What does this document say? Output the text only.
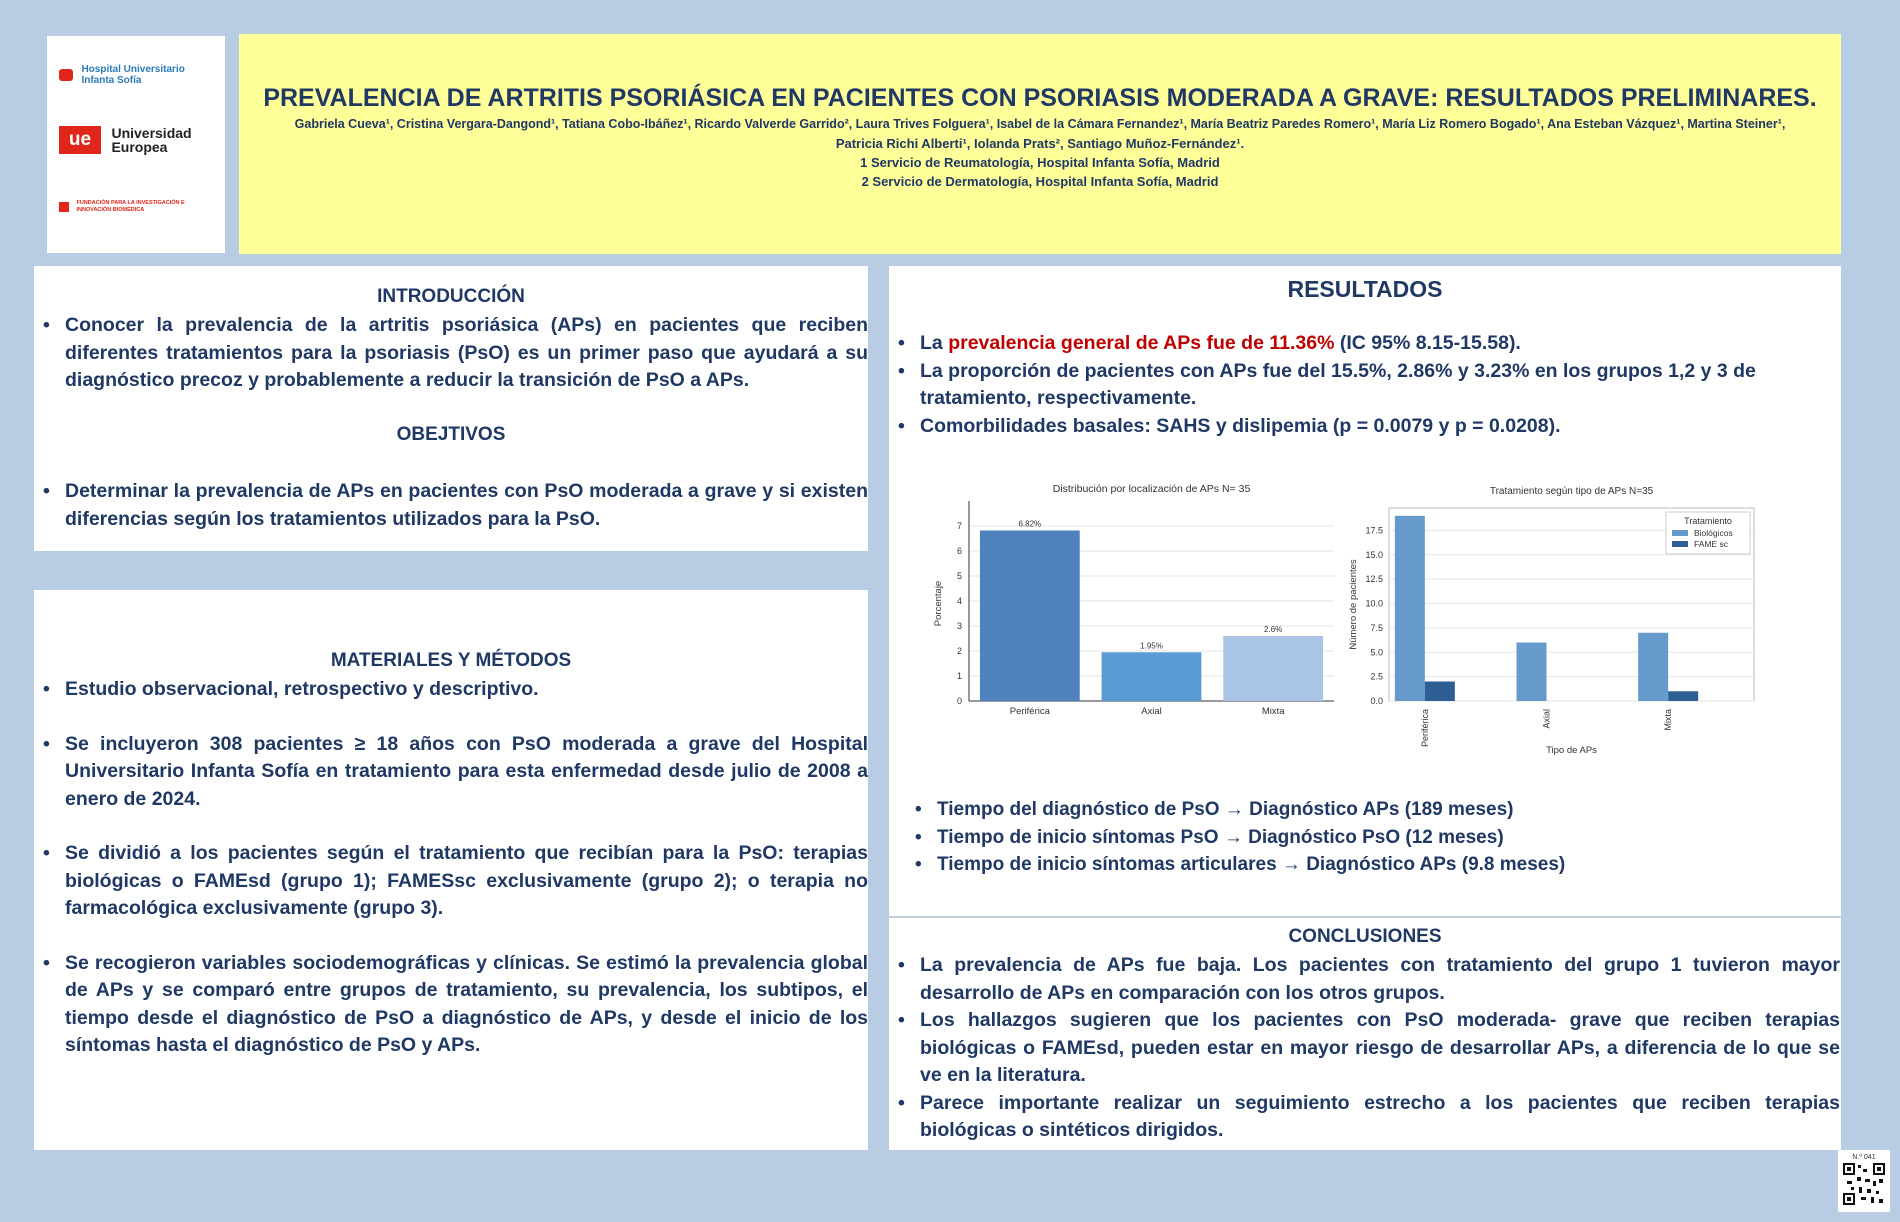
Hospital Universitario Infanta Sofía
ue Universidad Europea
FUNDACIÓN PARA LA INVESTIGACIÓN E INNOVACIÓN BIOMÉDICA
PREVALENCIA DE ARTRITIS PSORIÁSICA EN PACIENTES CON PSORIASIS MODERADA A GRAVE: RESULTADOS PRELIMINARES.
Gabriela Cueva¹, Cristina Vergara-Dangond¹, Tatiana Cobo-Ibáñez¹, Ricardo Valverde Garrido², Laura Trives Folguera¹, Isabel de la Cámara Fernandez¹, María Beatriz Paredes Romero¹, María Liz Romero Bogado¹, Ana Esteban Vázquez¹, Martina Steiner¹,
Patricia Richi Alberti¹, Iolanda Prats², Santiago Muñoz-Fernández¹.
1 Servicio de Reumatología, Hospital Infanta Sofía, Madrid
2 Servicio de Dermatología, Hospital Infanta Sofía, Madrid
INTRODUCCIÓN
• Conocer la prevalencia de la artritis psoriásica (APs) en pacientes que reciben diferentes tratamientos para la psoriasis (PsO) es un primer paso que ayudará a su diagnóstico precoz y probablemente a reducir la transición de PsO a APs.
OBEJTIVOS
• Determinar la prevalencia de APs en pacientes con PsO moderada a grave y si existen diferencias según los tratamientos utilizados para la PsO.
MATERIALES Y MÉTODOS
• Estudio observacional, retrospectivo y descriptivo.
• Se incluyeron 308 pacientes ≥ 18 años con PsO moderada a grave del Hospital Universitario Infanta Sofía en tratamiento para esta enfermedad desde julio de 2008 a enero de 2024.
• Se dividió a los pacientes según el tratamiento que recibían para la PsO: terapias biológicas o FAMEsd (grupo 1); FAMESsc exclusivamente (grupo 2); o terapia no farmacológica exclusivamente (grupo 3).
• Se recogieron variables sociodemográficas y clínicas. Se estimó la prevalencia global de APs y se comparó entre grupos de tratamiento, su prevalencia, los subtipos, el tiempo desde el diagnóstico de PsO a diagnóstico de APs, y desde el inicio de los síntomas hasta el diagnóstico de PsO y APs.
RESULTADOS
• La prevalencia general de APs fue de 11.36% (IC 95% 8.15-15.58).
• La proporción de pacientes con APs fue del 15.5%, 2.86% y 3.23% en los grupos 1,2 y 3 de tratamiento, respectivamente.
• Comorbilidades basales: SAHS y dislipemia (p = 0.0079 y p = 0.0208).
Distribución por localización de APs N= 35
0
1
2
3
4
5
6
7
Porcentaje
6.82%
Periférica
1.95%
Axial
2.6%
Mixta
Tratamiento según tipo de APs N=35
0.0
2.5
5.0
7.5
10.0
12.5
15.0
17.5
Número de pacientes
Tipo de APs
Periférica	Axial	Mixta
Tratamiento
Biológicos
FAME sc
• Tiempo del diagnóstico de PsO → Diagnóstico APs (189 meses)
• Tiempo de inicio síntomas PsO → Diagnóstico PsO (12 meses)
• Tiempo de inicio síntomas articulares → Diagnóstico APs (9.8 meses)
CONCLUSIONES
• La prevalencia de APs fue baja. Los pacientes con tratamiento del grupo 1 tuvieron mayor desarrollo de APs en comparación con los otros grupos.
• Los hallazgos sugieren que los pacientes con PsO moderada- grave que reciben terapias biológicas o FAMEsd, pueden estar en mayor riesgo de desarrollar APs, a diferencia de lo que se ve en la literatura.
• Parece importante realizar un seguimiento estrecho a los pacientes que reciben terapias biológicas o sintéticos dirigidos.
N.º 041
